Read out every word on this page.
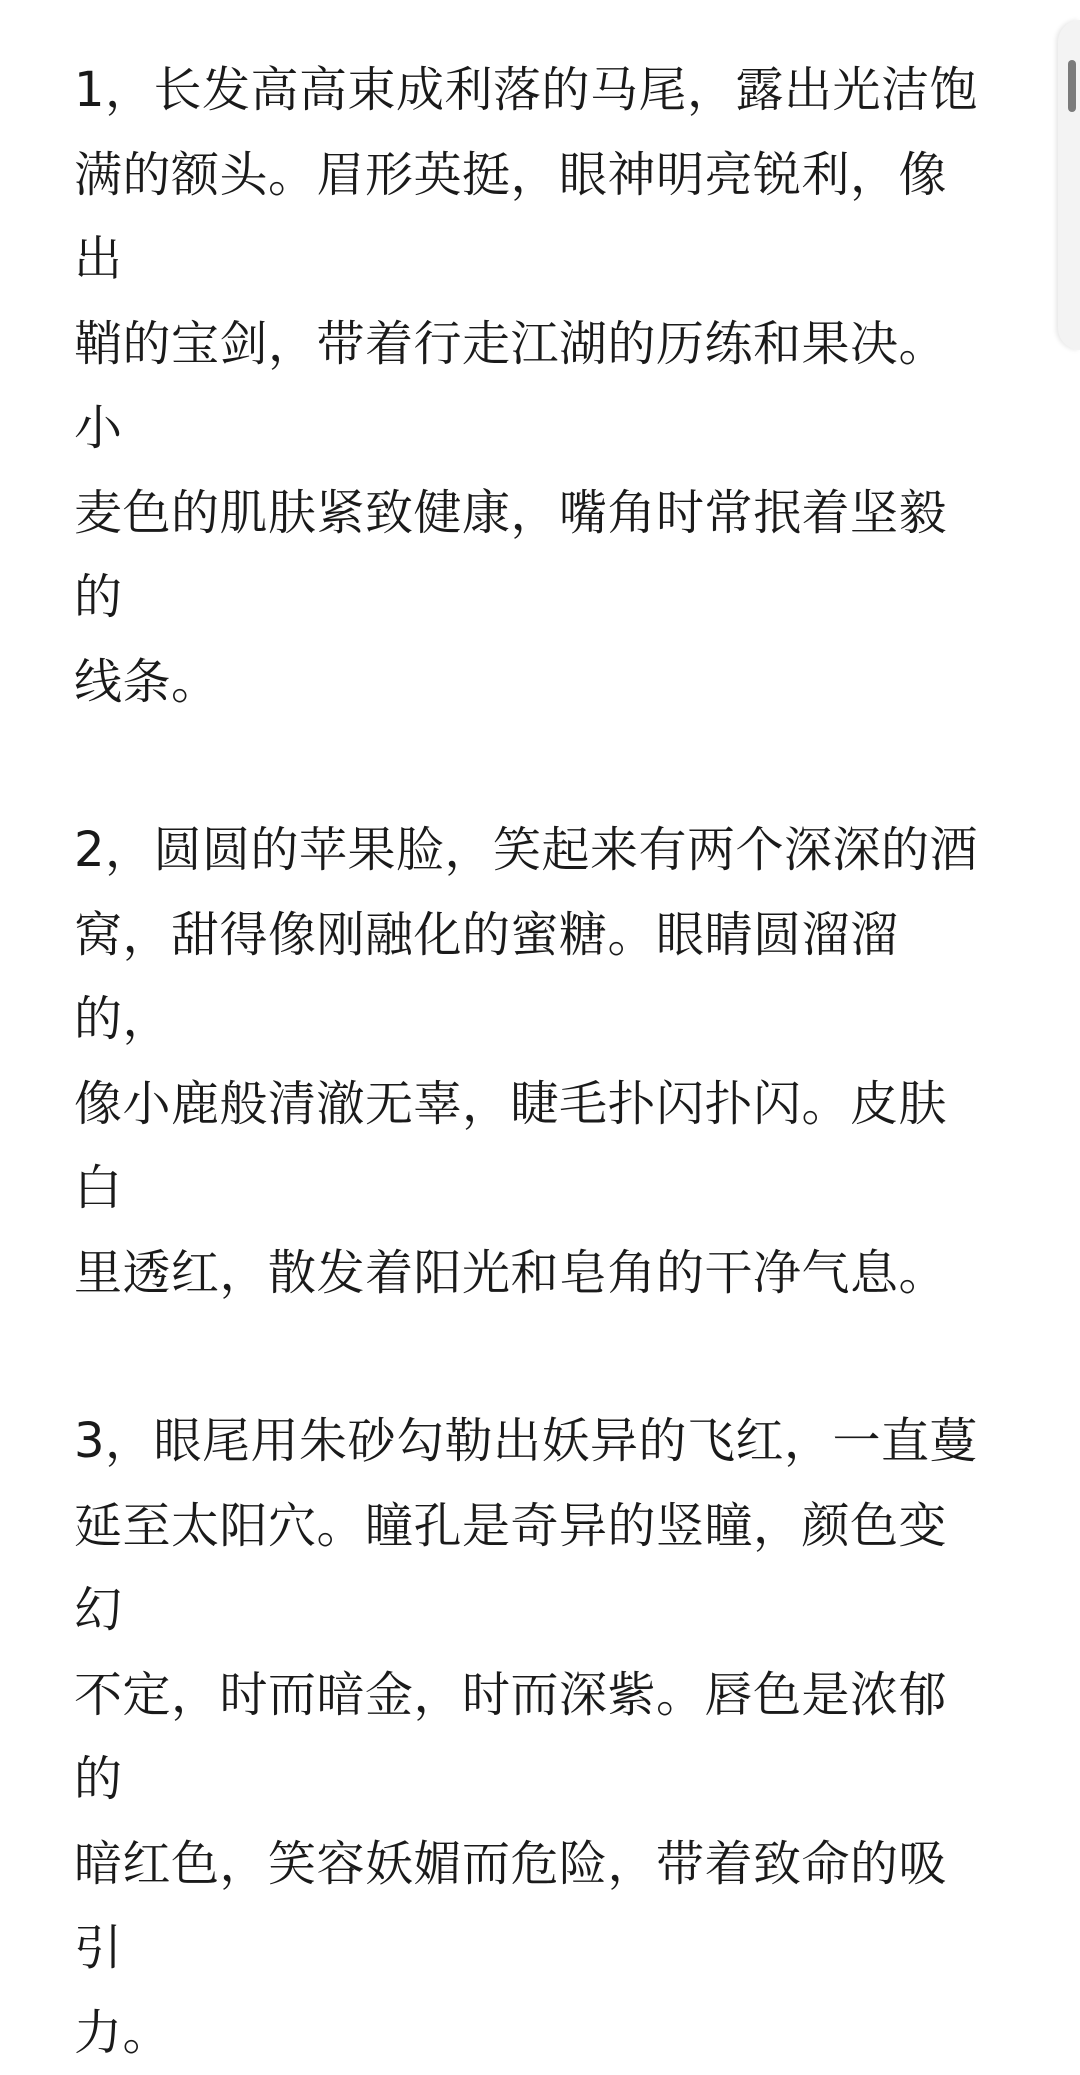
1，长发高高束成利落的马尾，露出光洁饱
满的额头。眉形英挺，眼神明亮锐利，像出
鞘的宝剑，带着行走江湖的历练和果决。小
麦色的肌肤紧致健康，嘴角时常抿着坚毅的
线条。

2，圆圆的苹果脸，笑起来有两个深深的酒
窝，甜得像刚融化的蜜糖。眼睛圆溜溜的，
像小鹿般清澈无辜，睫毛扑闪扑闪。皮肤白
里透红，散发着阳光和皂角的干净气息。

3，眼尾用朱砂勾勒出妖异的飞红，一直蔓
延至太阳穴。瞳孔是奇异的竖瞳，颜色变幻
不定，时而暗金，时而深紫。唇色是浓郁的
暗红色，笑容妖媚而危险，带着致命的吸引
力。
